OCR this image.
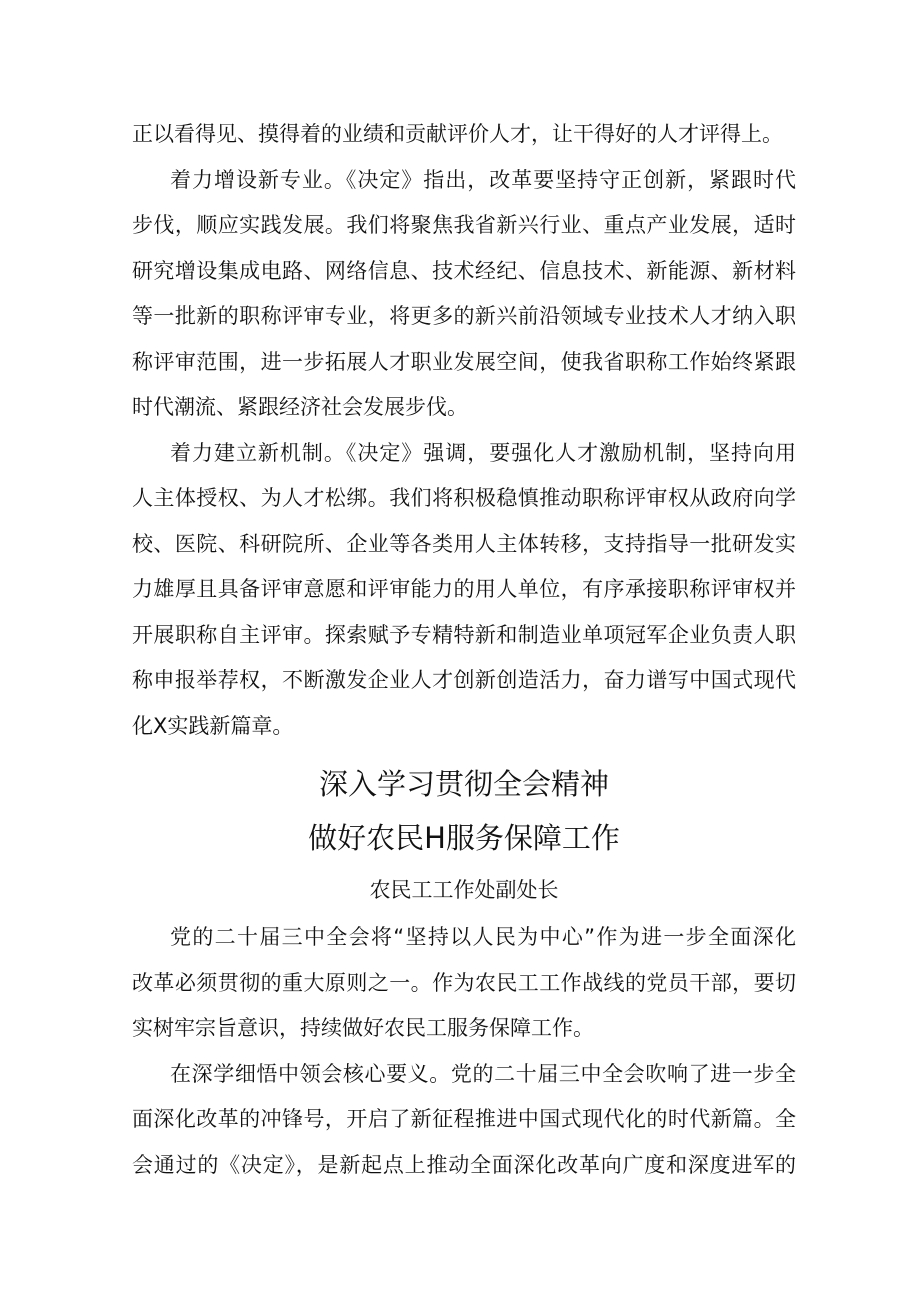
正以看得见、摸得着的业绩和贡献评价人才，让干得好的人才评得上。
着力增设新专业。《决定》指出，改革要坚持守正创新，紧跟时代
步伐，顺应实践发展。我们将聚焦我省新兴行业、重点产业发展，适时
研究增设集成电路、网络信息、技术经纪、信息技术、新能源、新材料
等一批新的职称评审专业，将更多的新兴前沿领域专业技术人才纳入职
称评审范围，进一步拓展人才职业发展空间，使我省职称工作始终紧跟
时代潮流、紧跟经济社会发展步伐。
着力建立新机制。《决定》强调，要强化人才激励机制，坚持向用
人主体授权、为人才松绑。我们将积极稳慎推动职称评审权从政府向学
校、医院、科研院所、企业等各类用人主体转移，支持指导一批研发实
力雄厚且具备评审意愿和评审能力的用人单位，有序承接职称评审权并
开展职称自主评审。探索赋予专精特新和制造业单项冠军企业负责人职
称申报举荐权，不断激发企业人才创新创造活力，奋力谱写中国式现代
化X实践新篇章。
深入学习贯彻全会精神
做好农民H服务保障工作
农民工工作处副处长
党的二十届三中全会将“坚持以人民为中心”作为进一步全面深化
改革必须贯彻的重大原则之一。作为农民工工作战线的党员干部，要切
实树牢宗旨意识，持续做好农民工服务保障工作。
在深学细悟中领会核心要义。党的二十届三中全会吹响了进一步全
面深化改革的冲锋号，开启了新征程推进中国式现代化的时代新篇。全
会通过的《决定》，是新起点上推动全面深化改革向广度和深度进军的
